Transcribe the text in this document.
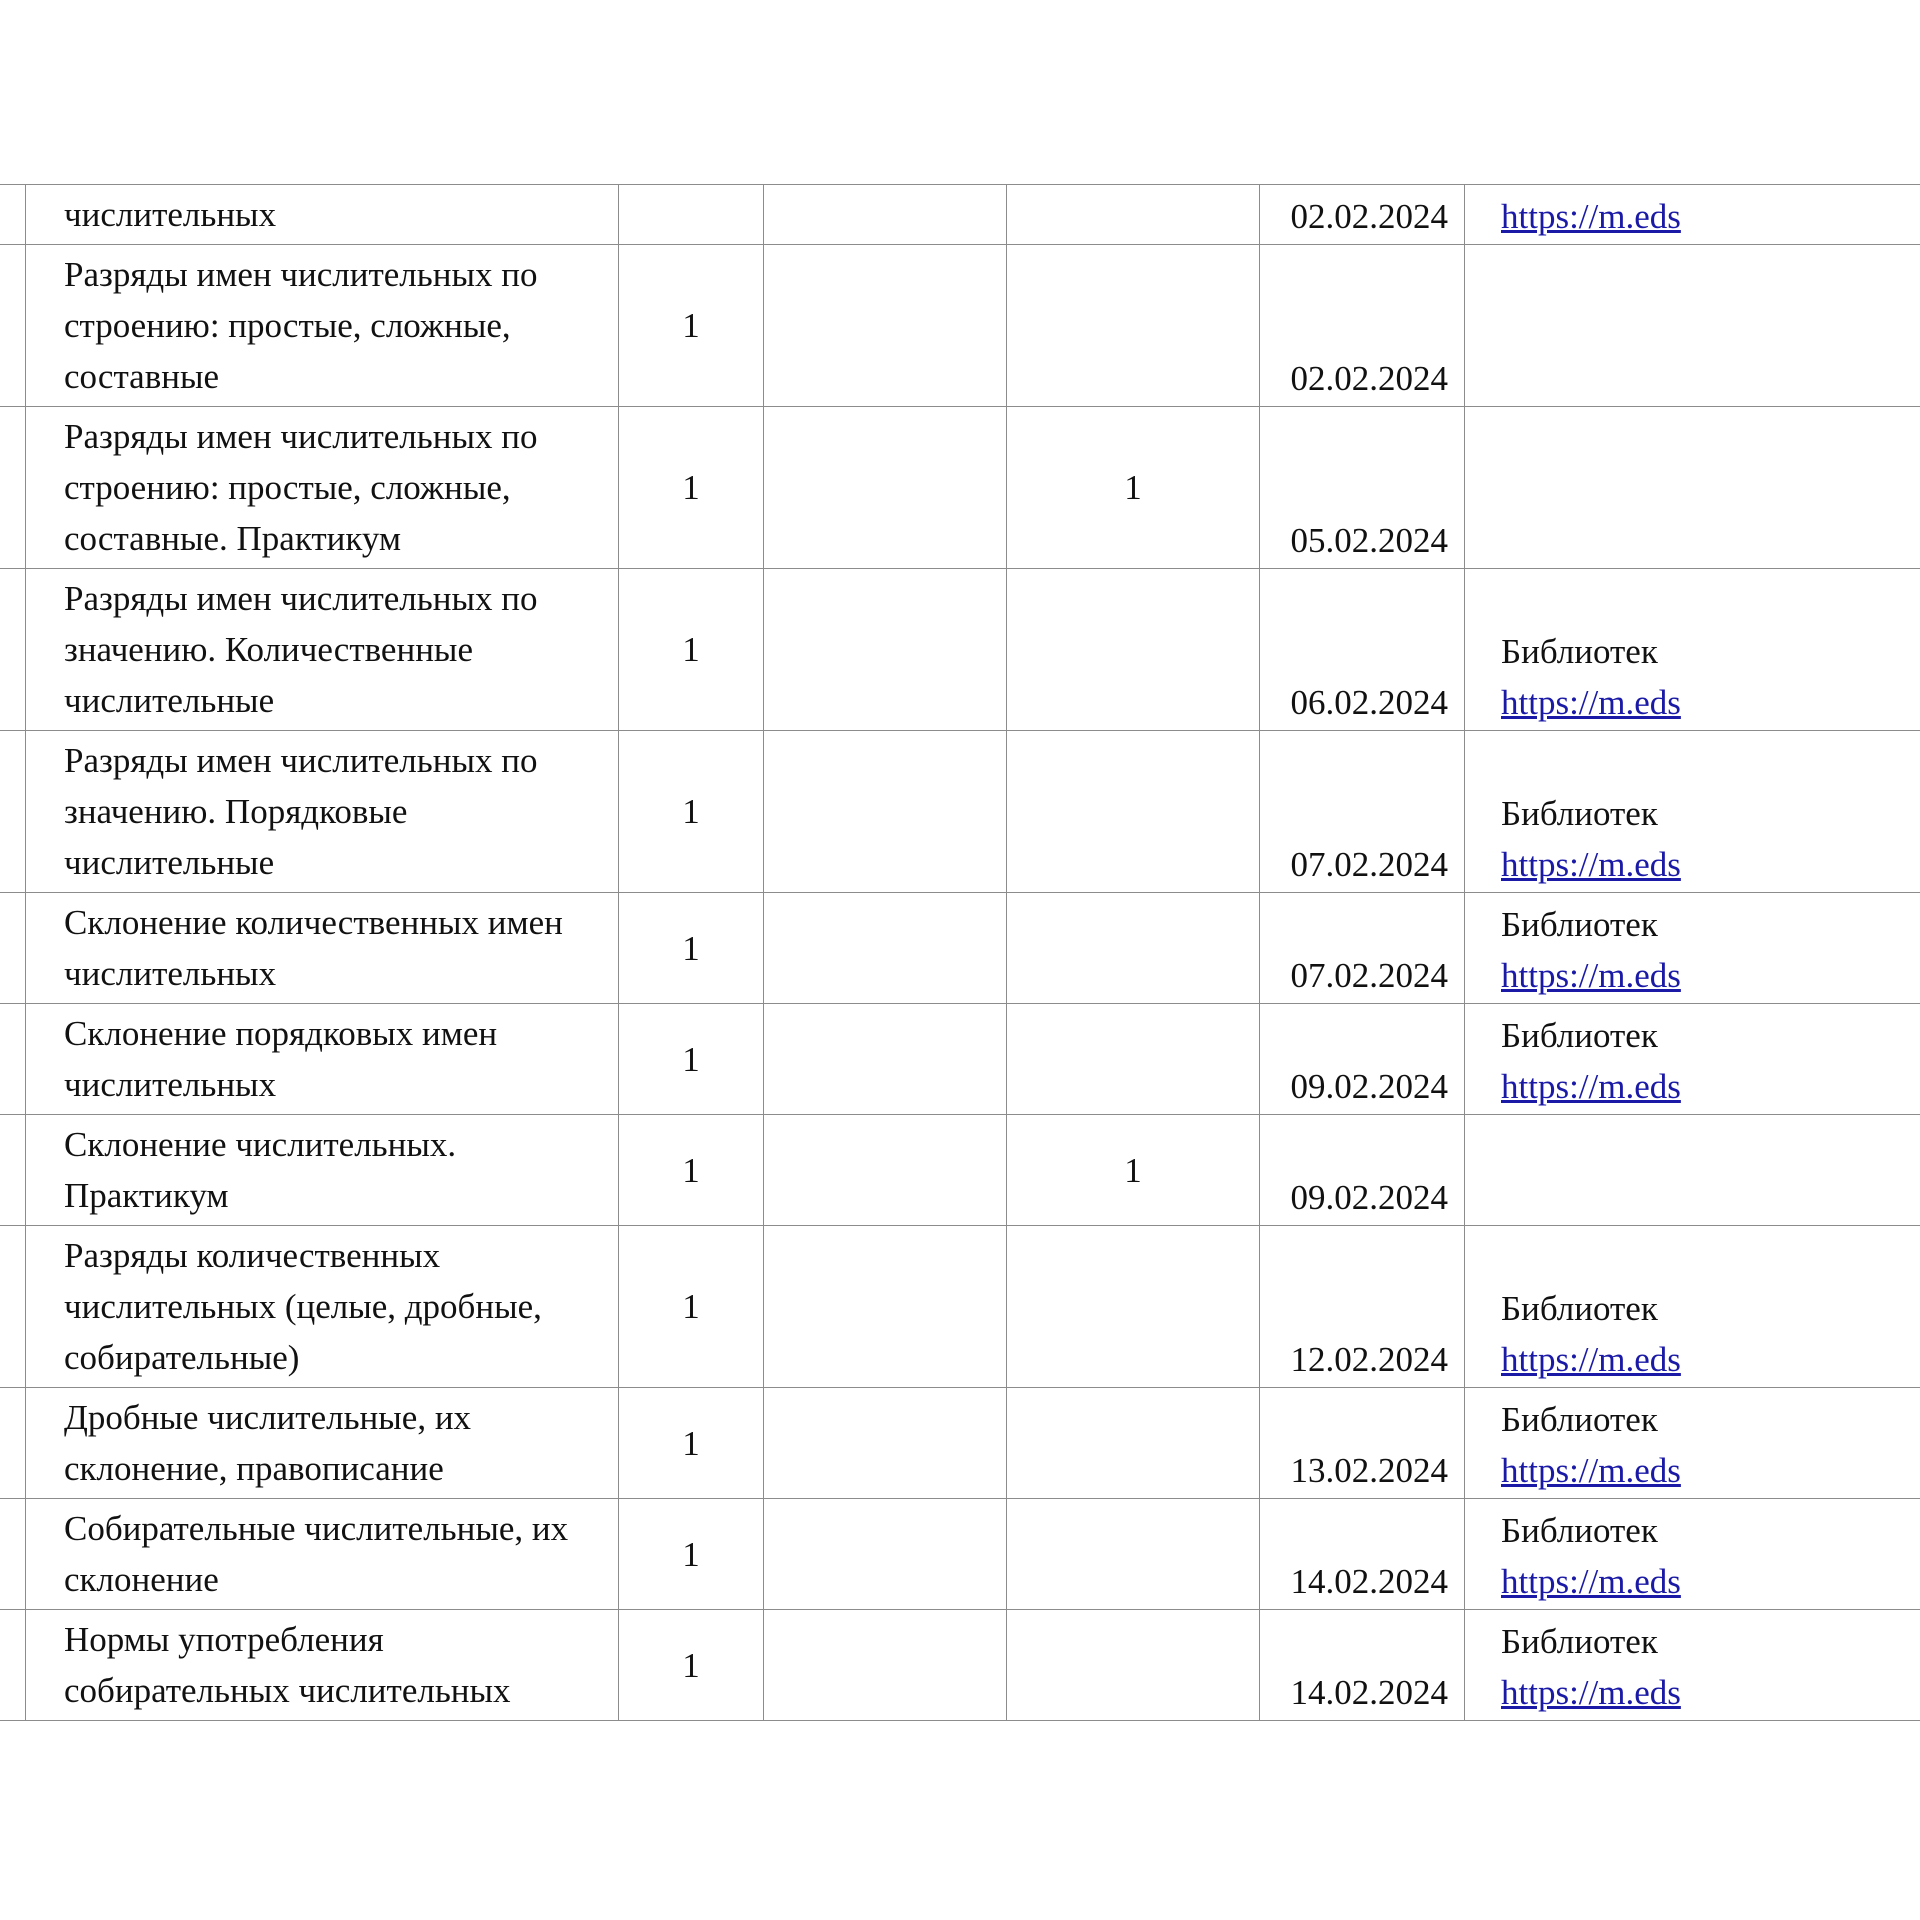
	числительных				02.02.2024	https://m.eds

	Разряды имен числительных по строению: простые, сложные, составные	1			02.02.2024	

	Разряды имен числительных по строению: простые, сложные, составные. Практикум	1		1	05.02.2024	

	Разряды имен числительных по значению. Количественные числительные	1			06.02.2024	Библиотек
https://m.eds

	Разряды имен числительных по значению. Порядковые числительные	1			07.02.2024	Библиотек
https://m.eds

	Склонение количественных имен числительных	1			07.02.2024	Библиотек
https://m.eds

	Склонение порядковых имен числительных	1			09.02.2024	Библиотек
https://m.eds

	Склонение числительных. Практикум	1		1	09.02.2024	

	Разряды количественных числительных (целые, дробные, собирательные)	1			12.02.2024	Библиотек
https://m.eds

	Дробные числительные, их склонение, правописание	1			13.02.2024	Библиотек
https://m.eds

	Собирательные числительные, их склонение	1			14.02.2024	Библиотек
https://m.eds

	Нормы употребления собирательных числительных	1			14.02.2024	Библиотек
https://m.eds
